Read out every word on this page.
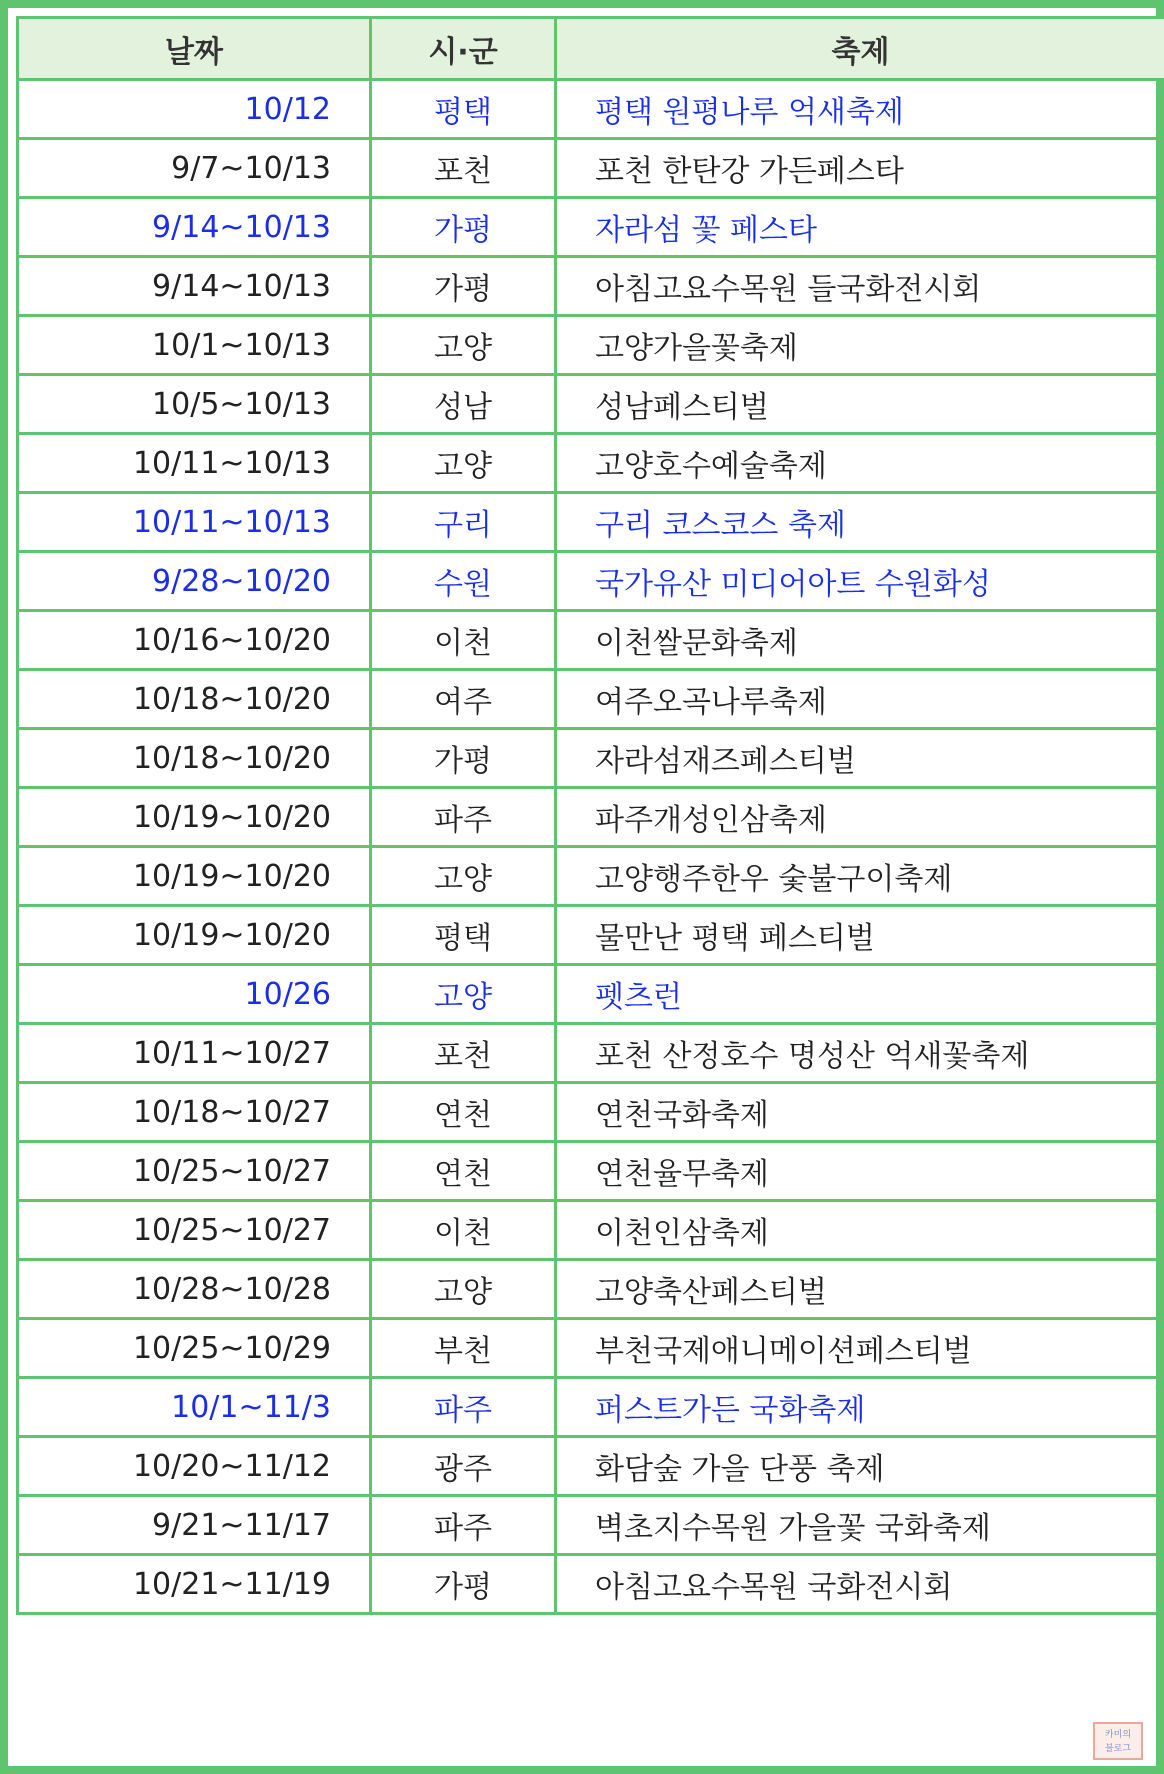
날짜	시·군	축제
10/12	평택	평택 원평나루 억새축제
9/7~10/13	포천	포천 한탄강 가든페스타
9/14~10/13	가평	자라섬 꽃 페스타
9/14~10/13	가평	아침고요수목원 들국화전시회
10/1~10/13	고양	고양가을꽃축제
10/5~10/13	성남	성남페스티벌
10/11~10/13	고양	고양호수예술축제
10/11~10/13	구리	구리 코스코스 축제
9/28~10/20	수원	국가유산 미디어아트 수원화성
10/16~10/20	이천	이천쌀문화축제
10/18~10/20	여주	여주오곡나루축제
10/18~10/20	가평	자라섬재즈페스티벌
10/19~10/20	파주	파주개성인삼축제
10/19~10/20	고양	고양행주한우 숯불구이축제
10/19~10/20	평택	물만난 평택 페스티벌
10/26	고양	펫츠런
10/11~10/27	포천	포천 산정호수 명성산 억새꽃축제
10/18~10/27	연천	연천국화축제
10/25~10/27	연천	연천율무축제
10/25~10/27	이천	이천인삼축제
10/28~10/28	고양	고양축산페스티벌
10/25~10/29	부천	부천국제애니메이션페스티벌
10/1~11/3	파주	퍼스트가든 국화축제
10/20~11/12	광주	화담숲 가을 단풍 축제
9/21~11/17	파주	벽초지수목원 가을꽃 국화축제
10/21~11/19	가평	아침고요수목원 국화전시회
카미의
블로그
